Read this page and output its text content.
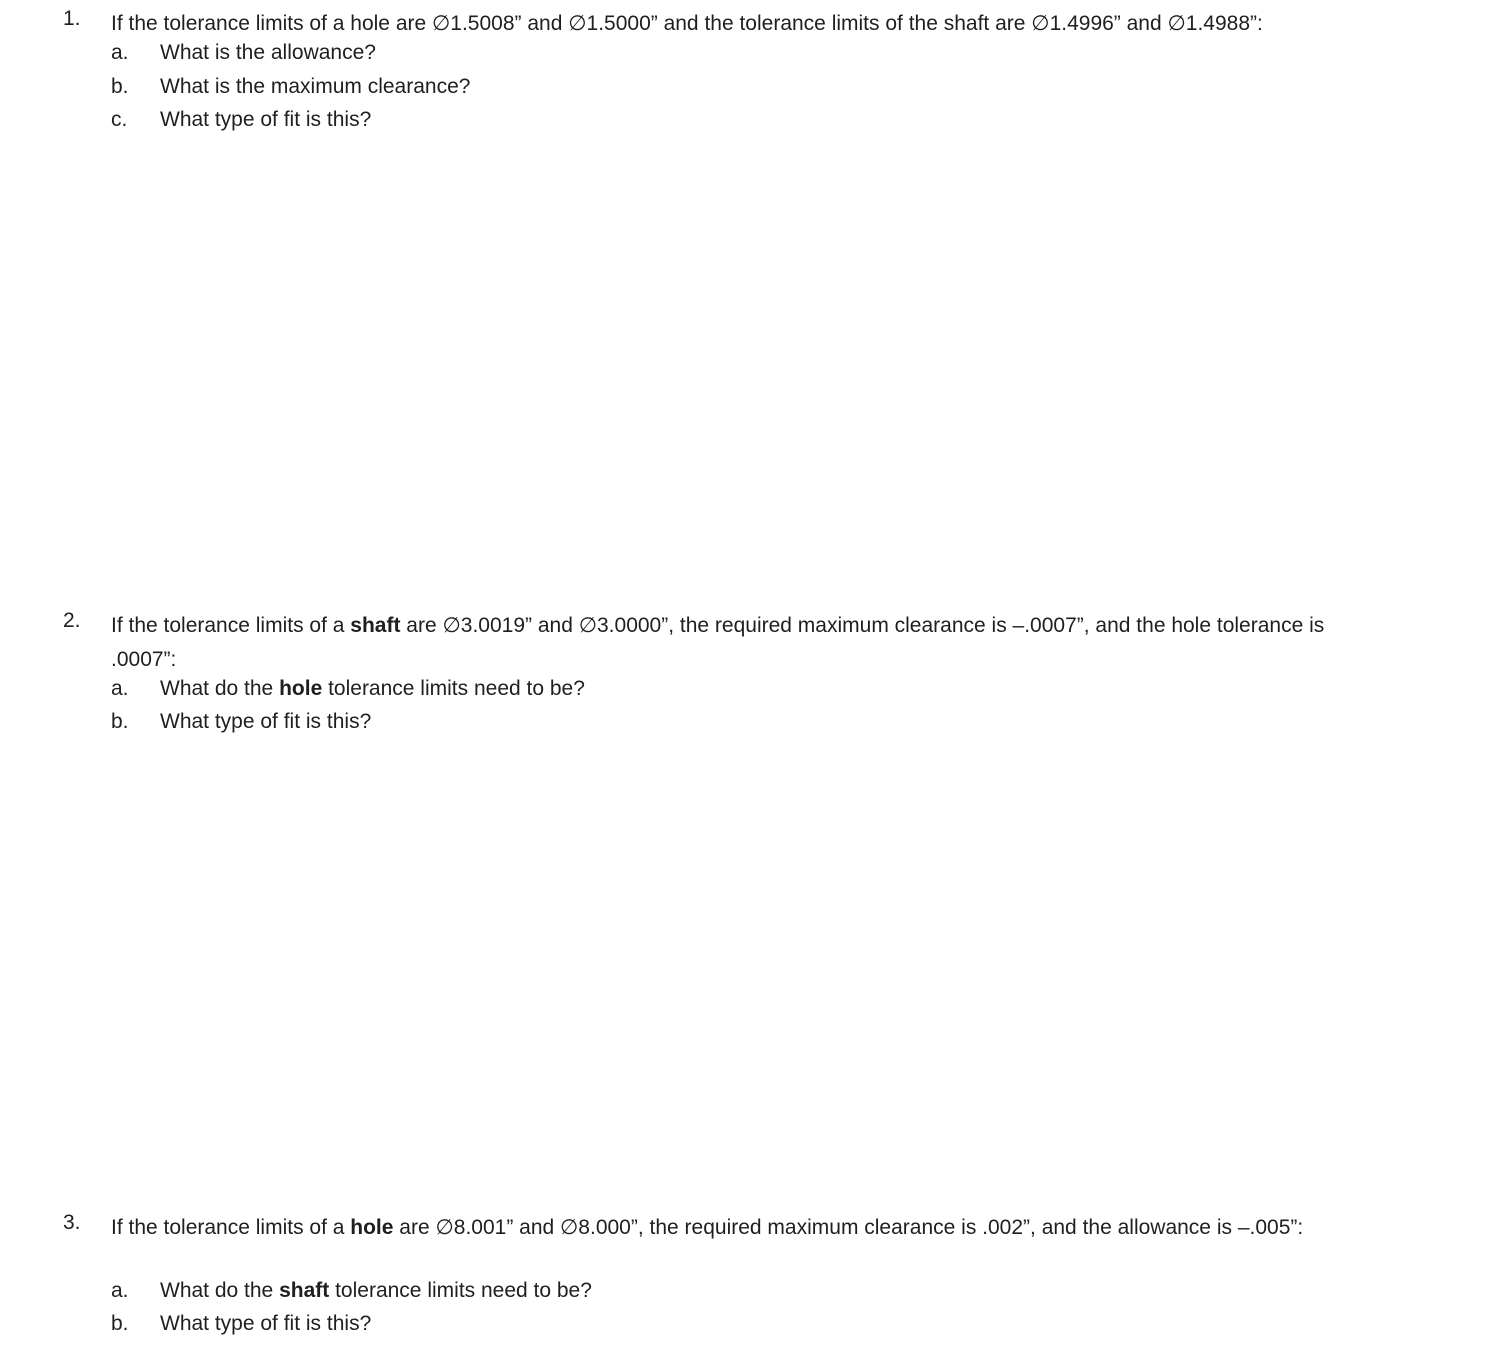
1. If the tolerance limits of a hole are ∅1.5008” and ∅1.5000” and the tolerance limits of the shaft are ∅1.4996” and ∅1.4988”:
a. What is the allowance?
b. What is the maximum clearance?
c. What type of fit is this?
2. If the tolerance limits of a shaft are ∅3.0019” and ∅3.0000”, the required maximum clearance is –.0007”, and the hole tolerance is .0007”:
a. What do the hole tolerance limits need to be?
b. What type of fit is this?
3. If the tolerance limits of a hole are ∅8.001” and ∅8.000”, the required maximum clearance is .002”, and the allowance is –.005”:
a. What do the shaft tolerance limits need to be?
b. What type of fit is this?
